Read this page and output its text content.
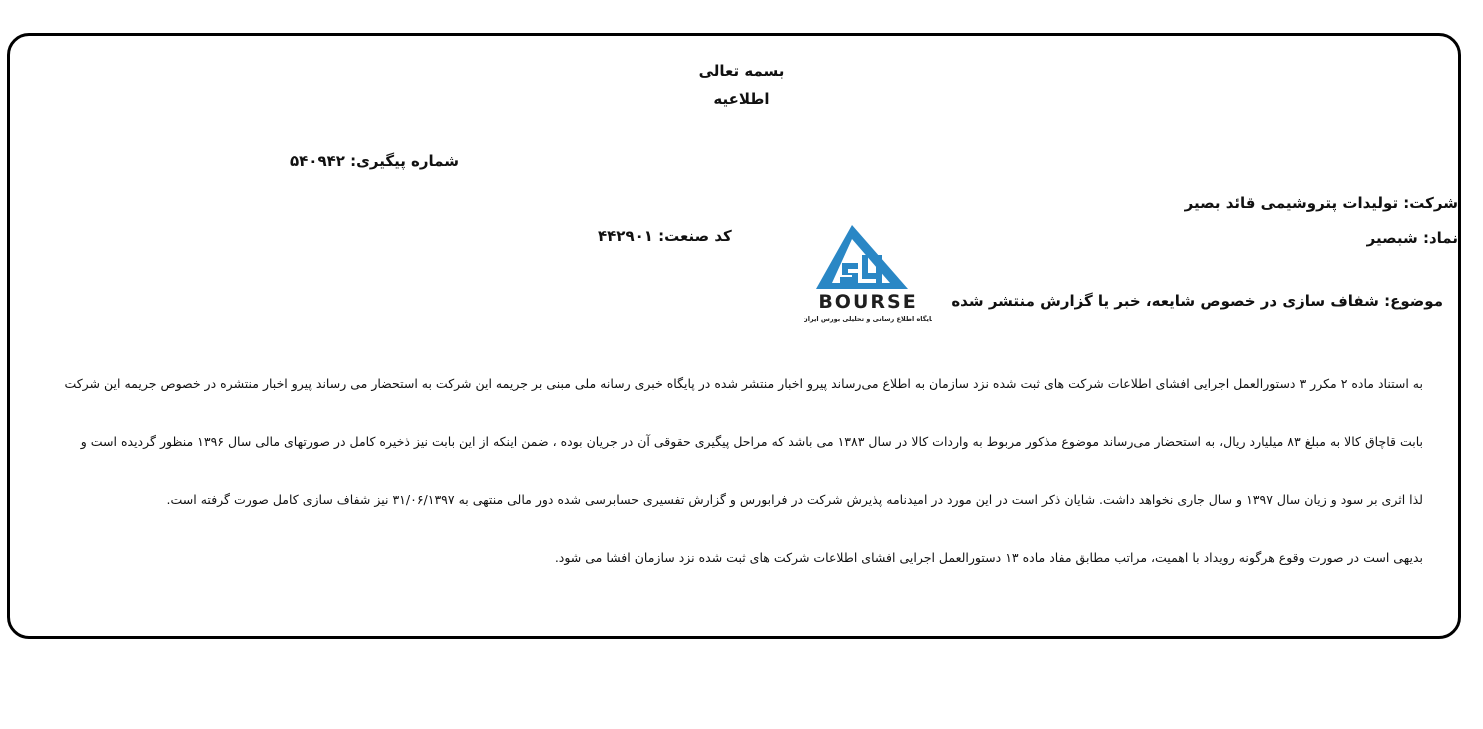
بسمه تعالی
اطلاعیه
شماره پیگیری: ۵۴۰۹۴۲
شرکت: تولیدات پتروشیمی قائد بصیر
نماد: شبصیر
کد صنعت: ۴۴۲۹۰۱
موضوع: شفاف سازی در خصوص شایعه، خبر یا گزارش منتشر شده
BOURSE
پایگاه اطلاع رسانی و تحلیلی بورس ایران
به استناد ماده ۲ مکرر ۳ دستورالعمل اجرایی افشای اطلاعات شرکت های ثبت شده نزد سازمان به اطلاع می‌رساند پیرو اخبار منتشر شده در پایگاه خبری رسانه ملی مبنی بر جریمه این شرکت به استحضار می رساند پیرو اخبار منتشره در خصوص جریمه این شرکت
بابت قاچاق کالا به مبلغ ۸۳ میلیارد ریال، به استحضار می‌رساند موضوع مذکور مربوط به واردات کالا در سال ۱۳۸۳ می باشد که مراحل پیگیری حقوقی آن در جریان بوده ، ضمن اینکه از این بابت نیز ذخیره کامل در صورتهای مالی سال ۱۳۹۶ منظور گردیده است و
لذا اثری بر سود و زیان سال ۱۳۹۷ و سال جاری نخواهد داشت. شایان ذکر است در این مورد در امیدنامه پذیرش شرکت در فرابورس و گزارش تفسیری حسابرسی شده دور مالی منتهی به ۳۱/۰۶/۱۳۹۷ نیز شفاف سازی کامل صورت گرفته است.
بدیهی است در صورت وقوع هرگونه رویداد با اهمیت، مراتب مطابق مفاد ماده ۱۳ دستورالعمل اجرایی افشای اطلاعات شرکت های ثبت شده نزد سازمان افشا می شود.
